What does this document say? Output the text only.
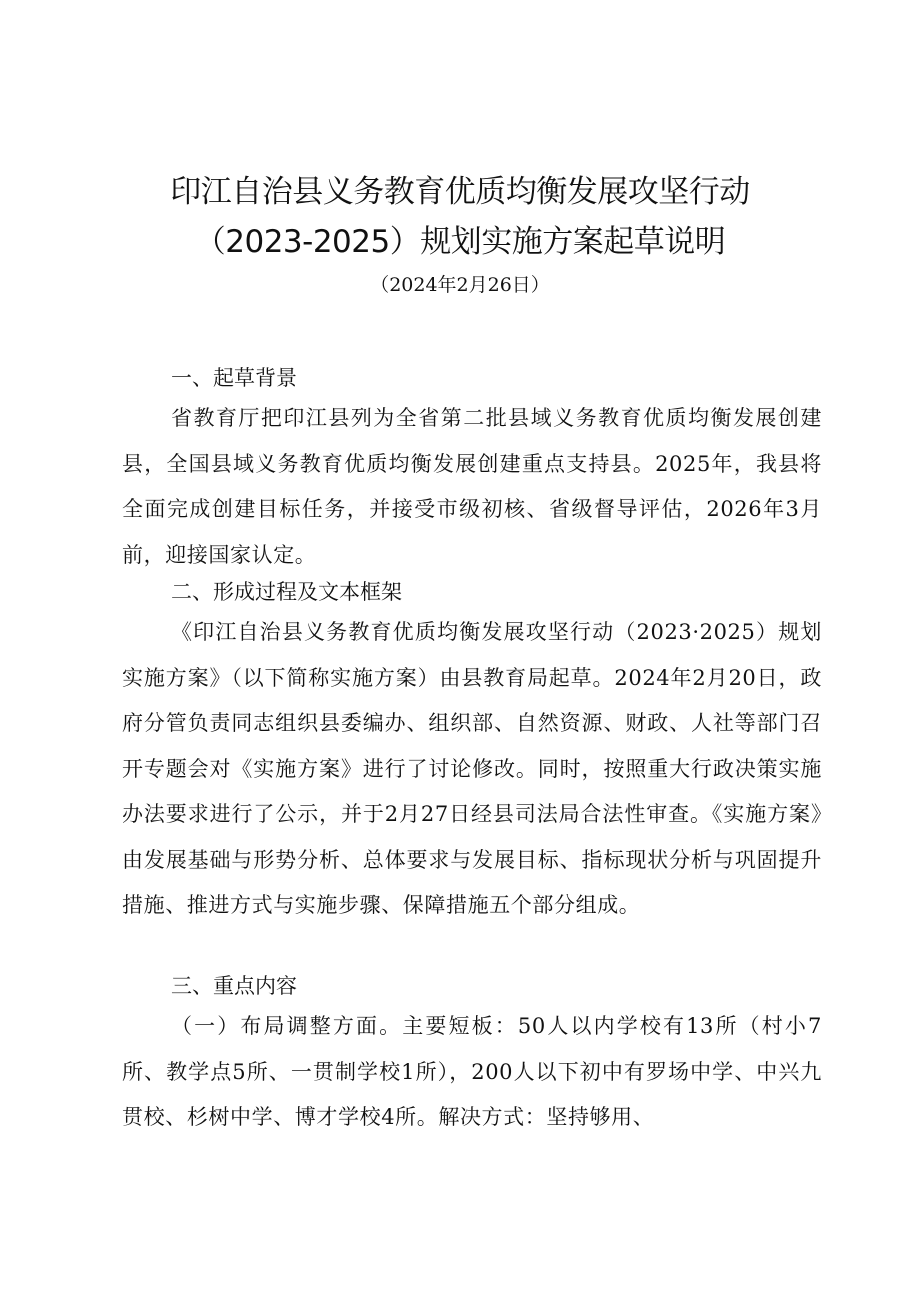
印江自治县义务教育优质均衡发展攻坚行动
（2023-2025）规划实施方案起草说明

（2024年2月26日）

一、起草背景

省教育厅把印江县列为全省第二批县域义务教育优质均衡发展创建县，全国县域义务教育优质均衡发展创建重点支持县。2025年，我县将全面完成创建目标任务，并接受市级初核、省级督导评估，2026年3月前，迎接国家认定。

二、形成过程及文本框架

《印江自治县义务教育优质均衡发展攻坚行动（2023·2025）规划实施方案》（以下简称实施方案）由县教育局起草。2024年2月20日，政府分管负责同志组织县委编办、组织部、自然资源、财政、人社等部门召开专题会对《实施方案》进行了讨论修改。同时，按照重大行政决策实施办法要求进行了公示，并于2月27日经县司法局合法性审查。《实施方案》由发展基础与形势分析、总体要求与发展目标、指标现状分析与巩固提升措施、推进方式与实施步骤、保障措施五个部分组成。

三、重点内容

（一）布局调整方面。主要短板：50人以内学校有13所（村小7所、教学点5所、一贯制学校1所），200人以下初中有罗场中学、中兴九贯校、杉树中学、博才学校4所。解决方式：坚持够用、
